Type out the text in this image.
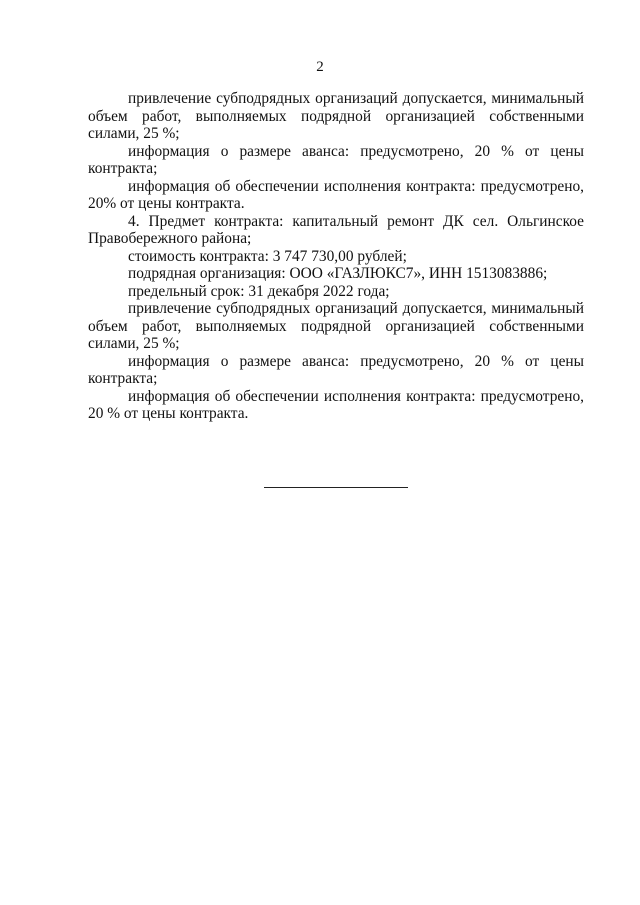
2

привлечение субподрядных организаций допускается, минимальный объем работ, выполняемых подрядной организацией собственными силами, 25 %;

информация о размере аванса: предусмотрено, 20 % от цены контракта;

информация об обеспечении исполнения контракта: предусмотрено, 20% от цены контракта.

4. Предмет контракта: капитальный ремонт ДК сел. Ольгинское Правобережного района;

стоимость контракта: 3 747 730,00 рублей;

подрядная организация: ООО «ГАЗЛЮКС7», ИНН 1513083886;

предельный срок: 31 декабря 2022 года;

привлечение субподрядных организаций допускается, минимальный объем работ, выполняемых подрядной организацией собственными силами, 25 %;

информация о размере аванса: предусмотрено, 20 % от цены контракта;

информация об обеспечении исполнения контракта: предусмотрено, 20 % от цены контракта.
